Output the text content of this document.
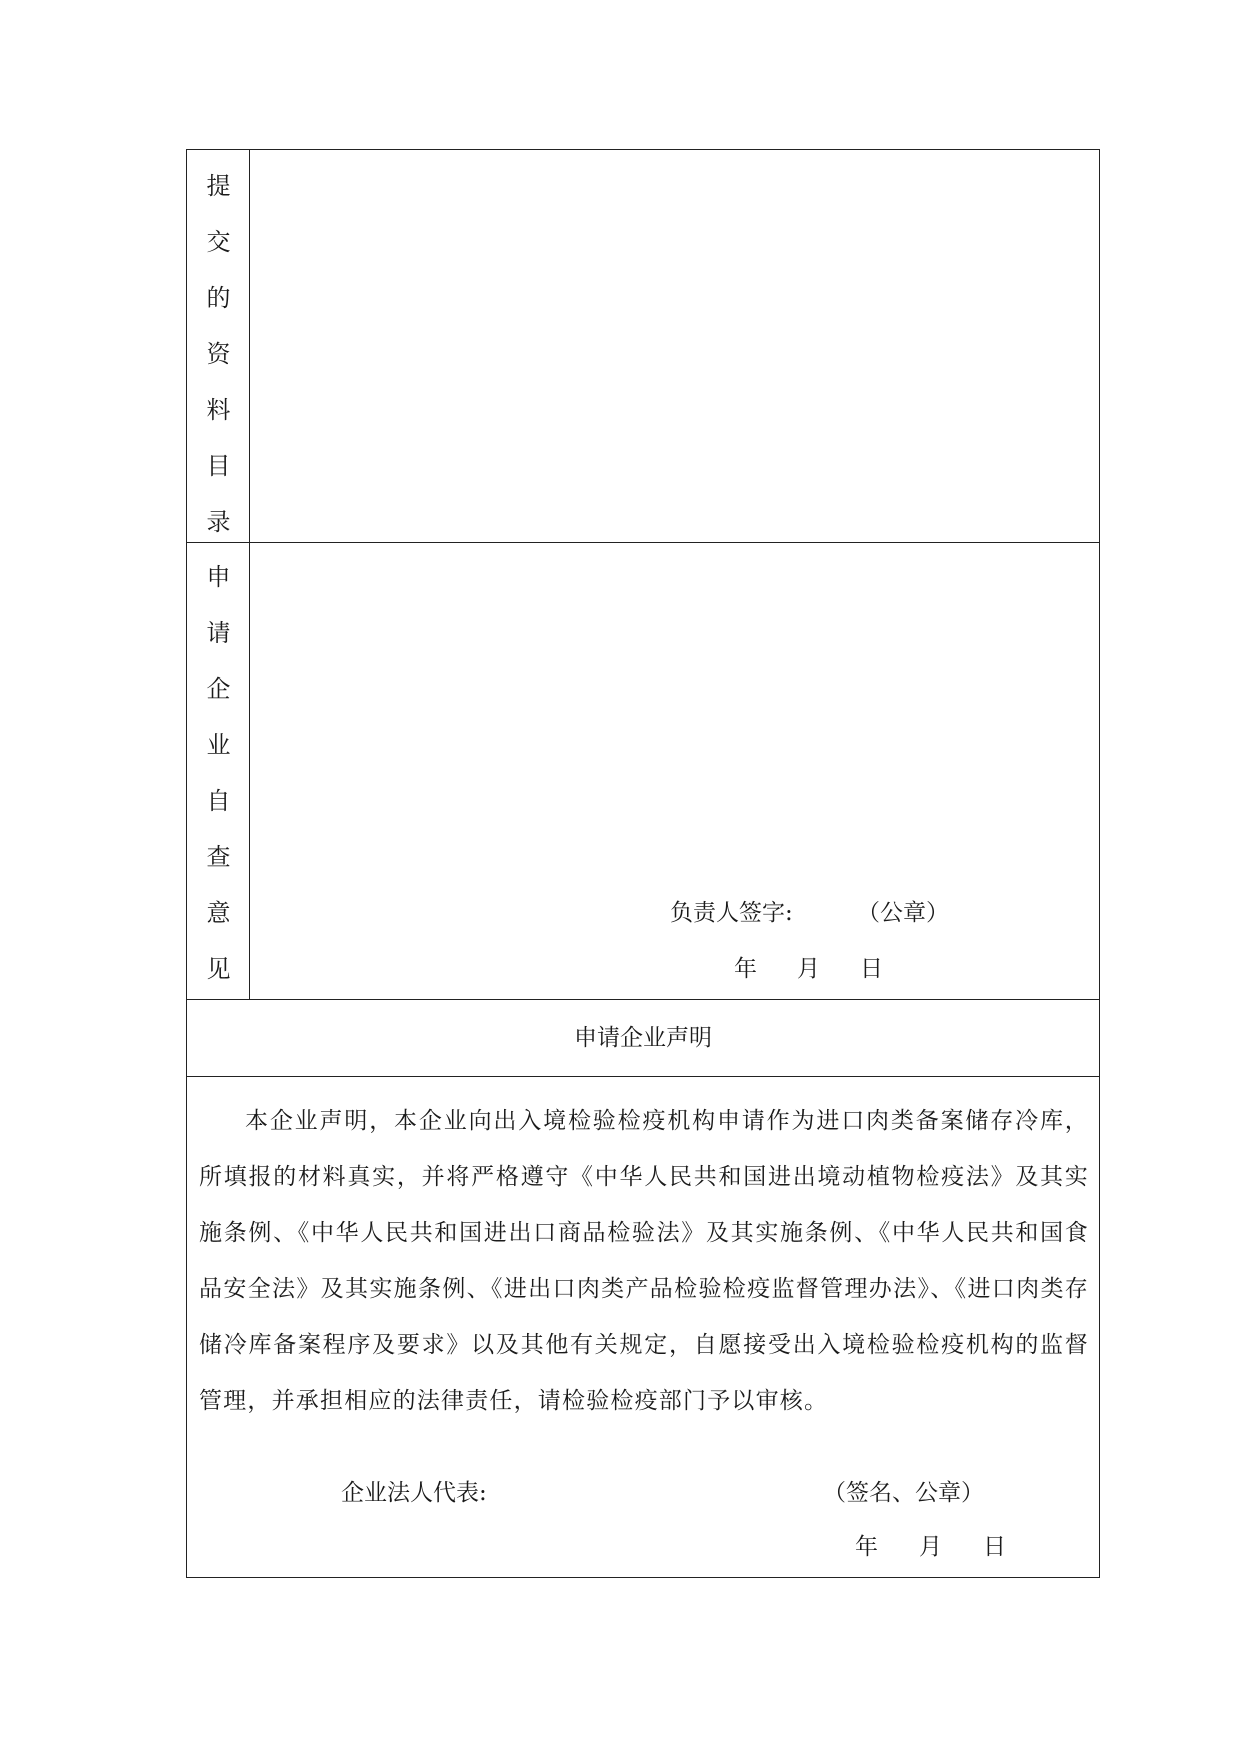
提
交
的
资
料
目
录
申
请
企
业
自
查
意
见
负责人签字:	（公章）
年 月 日
申请企业声明
本企业声明，本企业向出入境检验检疫机构申请作为进口肉类备案储存冷库，所填报的材料真实，并将严格遵守《中华人民共和国进出境动植物检疫法》及其实施条例、《中华人民共和国进出口商品检验法》及其实施条例、《中华人民共和国食品安全法》及其实施条例、《进出口肉类产品检验检疫监督管理办法》、《进口肉类存储冷库备案程序及要求》以及其他有关规定，自愿接受出入境检验检疫机构的监督管理，并承担相应的法律责任，请检验检疫部门予以审核。
企业法人代表:	（签名、公章）
年 月 日
